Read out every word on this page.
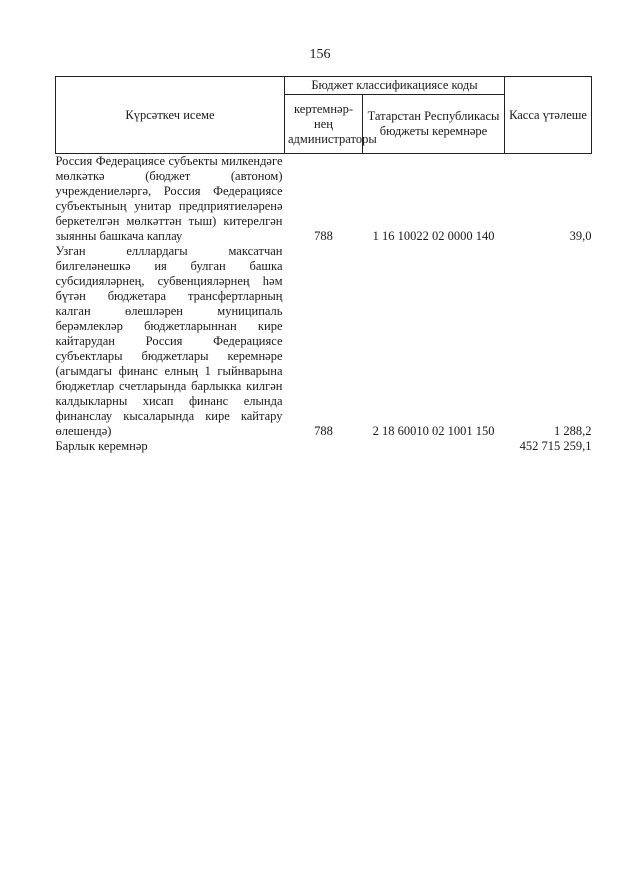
156
Күрсәткеч исеме	Бюджет классификациясе коды		Касса үтәлеше
	кертемнәр-нең администраторы	Татарстан Республикасы бюджеты керемнәре	
Россия Федерациясе субъекты милкендәге мөлкәткә (бюджет (автоном) учреждениеләргә, Россия Федерациясе субъектының унитар предприятиеләренә беркетелгән мөлкәттән тыш) китерелгән зыянны башкача каплау	788	1 16 10022 02 0000 140	39,0
Узган елллардагы максатчан билгеләнешкә ия булган башка субсидияләрнең, субвенцияләрнең һәм бүтән бюджетара трансфертларның калган өлешләрен муниципаль берәмлекләр бюджетларыннан кире кайтарудан Россия Федерациясе субъектлары бюджетлары керемнәре (агымдагы финанс елның 1 гыйнварына бюджетлар счетларында барлыкка килгән калдыкларны хисап финанс елында финанслау кысаларында кире кайтару өлешендә)	788	2 18 60010 02 1001 150	1 288,2
Барлык керемнәр			452 715 259,1
